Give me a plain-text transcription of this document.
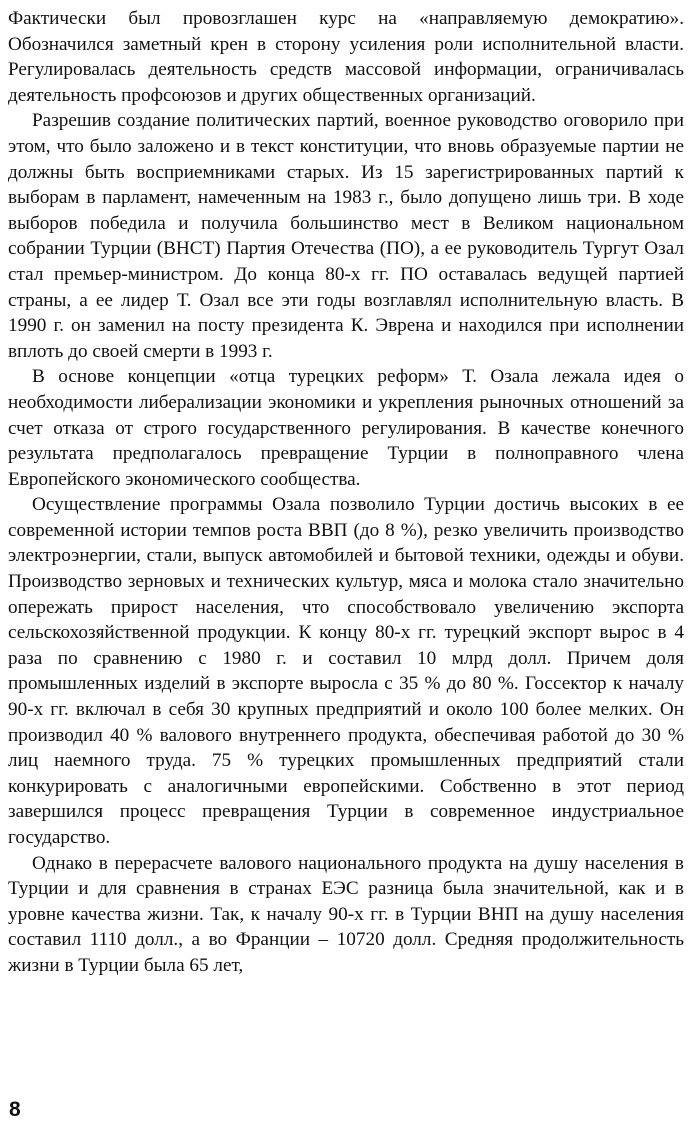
Фактически был провозглашен курс на «направляемую демократию». Обозначился заметный крен в сторону усиления роли исполнительной власти. Регулировалась деятельность средств массовой информации, ограничивалась деятельность профсоюзов и других общественных организаций.

Разрешив создание политических партий, военное руководство оговорило при этом, что было заложено и в текст конституции, что вновь образуемые партии не должны быть восприемниками старых. Из 15 зарегистрированных партий к выборам в парламент, намеченным на 1983 г., было допущено лишь три. В ходе выборов победила и получила большинство мест в Великом национальном собрании Турции (ВНСТ) Партия Отечества (ПО), а ее руководитель Тургут Озал стал премьер-министром. До конца 80-х гг. ПО оставалась ведущей партией страны, а ее лидер Т. Озал все эти годы возглавлял исполнительную власть. В 1990 г. он заменил на посту президента К. Эврена и находился при исполнении вплоть до своей смерти в 1993 г.

В основе концепции «отца турецких реформ» Т. Озала лежала идея о необходимости либерализации экономики и укрепления рыночных отношений за счет отказа от строго государственного регулирования. В качестве конечного результата предполагалось превращение Турции в полноправного члена Европейского экономического сообщества.

Осуществление программы Озала позволило Турции достичь высоких в ее современной истории темпов роста ВВП (до 8 %), резко увеличить производство электроэнергии, стали, выпуск автомобилей и бытовой техники, одежды и обуви. Производство зерновых и технических культур, мяса и молока стало значительно опережать прирост населения, что способствовало увеличению экспорта сельскохозяйственной продукции. К концу 80-х гг. турецкий экспорт вырос в 4 раза по сравнению с 1980 г. и составил 10 млрд долл. Причем доля промышленных изделий в экспорте выросла с 35 % до 80 %. Госсектор к началу 90-х гг. включал в себя 30 крупных предприятий и около 100 более мелких. Он производил 40 % валового внутреннего продукта, обеспечивая работой до 30 % лиц наемного труда. 75 % турецких промышленных предприятий стали конкурировать с аналогичными европейскими. Собственно в этот период завершился процесс превращения Турции в современное индустриальное государство.

Однако в перерасчете валового национального продукта на душу населения в Турции и для сравнения в странах ЕЭС разница была значительной, как и в уровне качества жизни. Так, к началу 90-х гг. в Турции ВНП на душу населения составил 1110 долл., а во Франции – 10720 долл. Средняя продолжительность жизни в Турции была 65 лет,

8
